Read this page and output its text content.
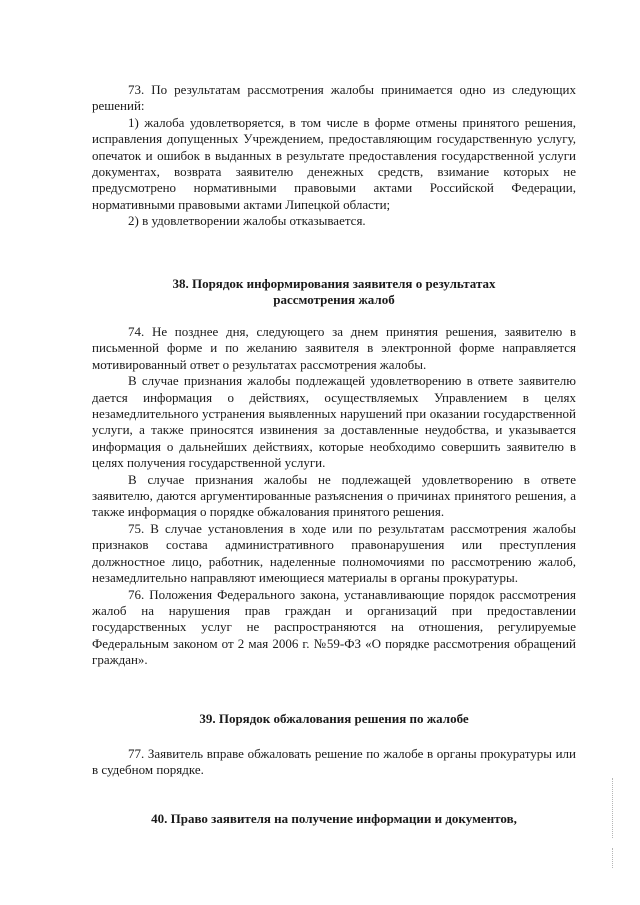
73. По результатам рассмотрения жалобы принимается одно из следующих решений:

1) жалоба удовлетворяется, в том числе в форме отмены принятого решения, исправления допущенных Учреждением, предоставляющим государственную услугу, опечаток и ошибок в выданных в результате предоставления государственной услуги документах, возврата заявителю денежных средств, взимание которых не предусмотрено нормативными правовыми актами Российской Федерации, нормативными правовыми актами Липецкой области;

2) в удовлетворении жалобы отказывается.

38. Порядок информирования заявителя о результатах
рассмотрения жалоб

74. Не позднее дня, следующего за днем принятия решения, заявителю в письменной форме и по желанию заявителя в электронной форме направляется мотивированный ответ о результатах рассмотрения жалобы.

В случае признания жалобы подлежащей удовлетворению в ответе заявителю дается информация о действиях, осуществляемых Управлением в целях незамедлительного устранения выявленных нарушений при оказании государственной услуги, а также приносятся извинения за доставленные неудобства, и указывается информация о дальнейших действиях, которые необходимо совершить заявителю в целях получения государственной услуги.

В случае признания жалобы не подлежащей удовлетворению в ответе заявителю, даются аргументированные разъяснения о причинах принятого решения, а также информация о порядке обжалования принятого решения.

75. В случае установления в ходе или по результатам рассмотрения жалобы признаков состава административного правонарушения или преступления должностное лицо, работник, наделенные полномочиями по рассмотрению жалоб, незамедлительно направляют имеющиеся материалы в органы прокуратуры.

76. Положения Федерального закона, устанавливающие порядок рассмотрения жалоб на нарушения прав граждан и организаций при предоставлении государственных услуг не распространяются на отношения, регулируемые Федеральным законом от 2 мая 2006 г. №59-ФЗ «О порядке рассмотрения обращений граждан».

39. Порядок обжалования решения по жалобе

77. Заявитель вправе обжаловать решение по жалобе в органы прокуратуры или в судебном порядке.

40. Право заявителя на получение информации и документов,
